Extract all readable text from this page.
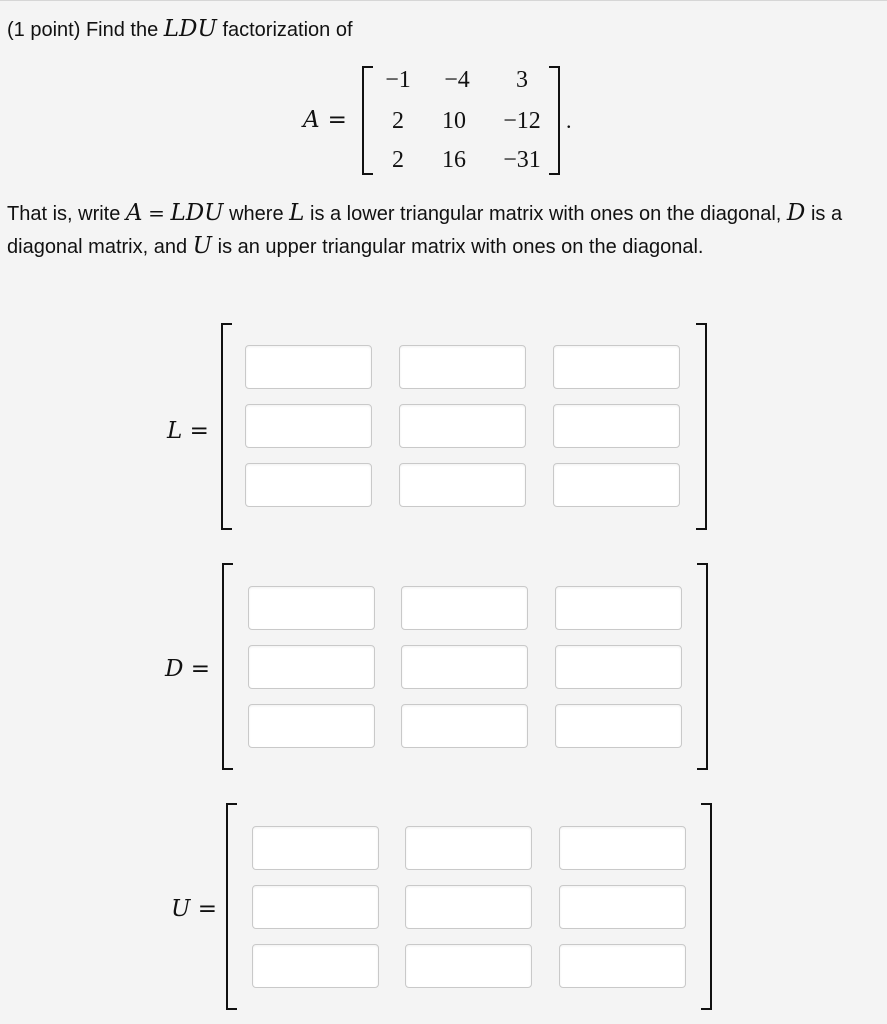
(1 point) Find the LDU factorization of
A =
−1	−4	3
2	10	−12
2	16	−31
.
That is, write A = LDU where L is a lower triangular matrix with ones on the diagonal, D is a diagonal matrix, and U is an upper triangular matrix with ones on the diagonal.
L =
D =
U =
